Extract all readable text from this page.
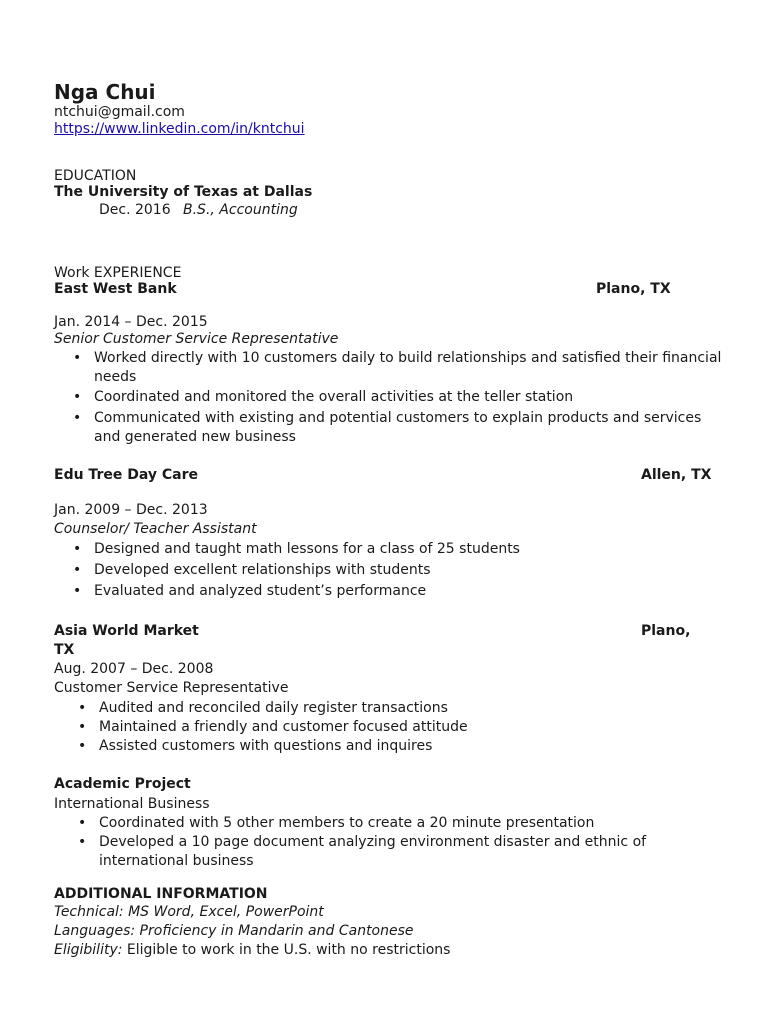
Nga Chui
ntchui@gmail.com
https://www.linkedin.com/in/kntchui
EDUCATION
The University of Texas at Dallas
Dec. 2016 B.S., Accounting
Work EXPERIENCE
East West Bank	Plano, TX
Jan. 2014 – Dec. 2015
Senior Customer Service Representative
• Worked directly with 10 customers daily to build relationships and satisfied their financial
needs
• Coordinated and monitored the overall activities at the teller station
• Communicated with existing and potential customers to explain products and services
and generated new business
Edu Tree Day Care	Allen, TX
Jan. 2009 – Dec. 2013
Counselor/ Teacher Assistant
• Designed and taught math lessons for a class of 25 students
• Developed excellent relationships with students
• Evaluated and analyzed student’s performance
Asia World Market	Plano,
TX
Aug. 2007 – Dec. 2008
Customer Service Representative
• Audited and reconciled daily register transactions
• Maintained a friendly and customer focused attitude
• Assisted customers with questions and inquires
Academic Project
International Business
• Coordinated with 5 other members to create a 20 minute presentation
• Developed a 10 page document analyzing environment disaster and ethnic of
international business
ADDITIONAL INFORMATION
Technical: MS Word, Excel, PowerPoint
Languages: Proficiency in Mandarin and Cantonese
Eligibility: Eligible to work in the U.S. with no restrictions
